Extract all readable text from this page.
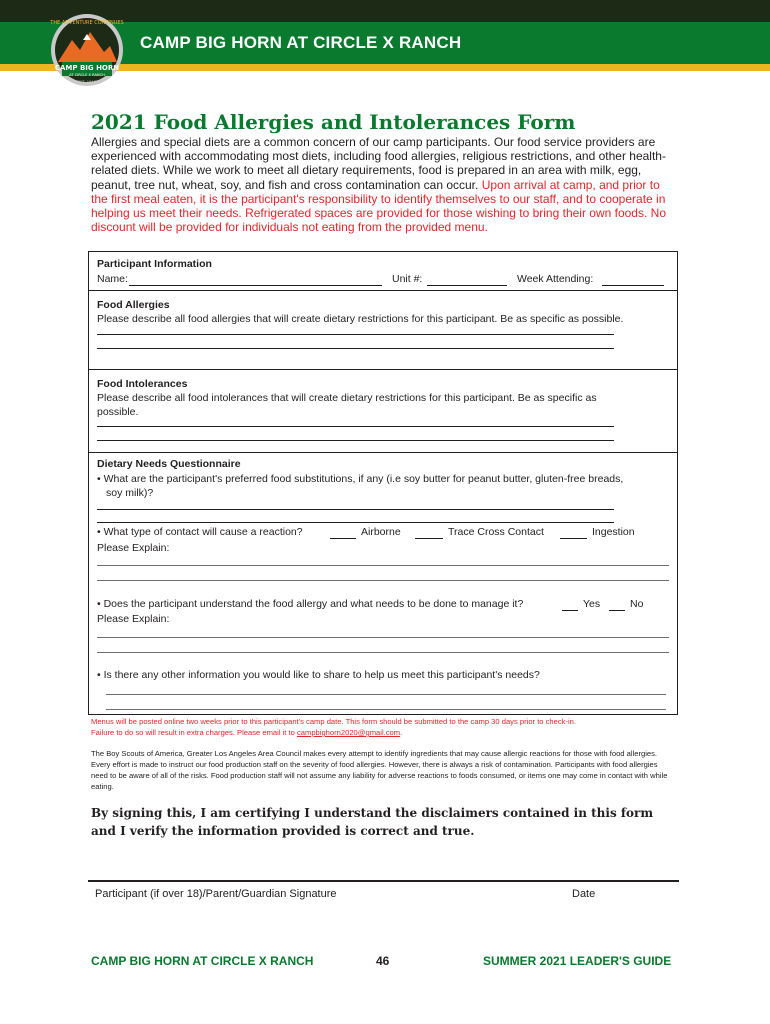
THE ADVENTURE CONTINUES
CAMP BIG HORN
AT CIRCLE X RANCH
EST. 1946
CAMP BIG HORN AT CIRCLE X RANCH
2021 Food Allergies and Intolerances Form
Allergies and special diets are a common concern of our camp participants. Our food service providers are experienced with accommodating most diets, including food allergies, religious restrictions, and other health-related diets. While we work to meet all dietary requirements, food is prepared in an area with milk, egg, peanut, tree nut, wheat, soy, and fish and cross contamination can occur. Upon arrival at camp, and prior to the first meal eaten, it is the participant's responsibility to identify themselves to our staff, and to cooperate in helping us meet their needs. Refrigerated spaces are provided for those wishing to bring their own foods. No discount will be provided for individuals not eating from the provided menu.
Participant Information
Name:	Unit #:	Week Attending:
Food Allergies
Please describe all food allergies that will create dietary restrictions for this participant. Be as specific as possible.
Food Intolerances
Please describe all food intolerances that will create dietary restrictions for this participant. Be as specific as
possible.
Dietary Needs Questionnaire
• What are the participant's preferred food substitutions, if any (i.e soy butter for peanut butter, gluten-free breads,
soy milk)?
• What type of contact will cause a reaction?	Airborne	Trace Cross Contact	Ingestion
Please Explain:
• Does the participant understand the food allergy and what needs to be done to manage it?	Yes	No
Please Explain:
• Is there any other information you would like to share to help us meet this participant's needs?
Menus will be posted online two weeks prior to this participant's camp date. This form should be submitted to the camp 30 days prior to check-in.
Failure to do so will result in extra charges. Please email it to campbighorn2020@gmail.com.
The Boy Scouts of America, Greater Los Angeles Area Council makes every attempt to identify ingredients that may cause allergic reactions for those with food allergies. Every effort is made to instruct our food production staff on the severity of food allergies. However, there is always a risk of contamination. Participants with food allergies need to be aware of all of the risks. Food production staff will not assume any liability for adverse reactions to foods consumed, or items one may come in contact with while eating.
By signing this, I am certifying I understand the disclaimers contained in this form and I verify the information provided is correct and true.
Participant (if over 18)/Parent/Guardian Signature	Date
CAMP BIG HORN AT CIRCLE X RANCH	46	SUMMER 2021 LEADER'S GUIDE
